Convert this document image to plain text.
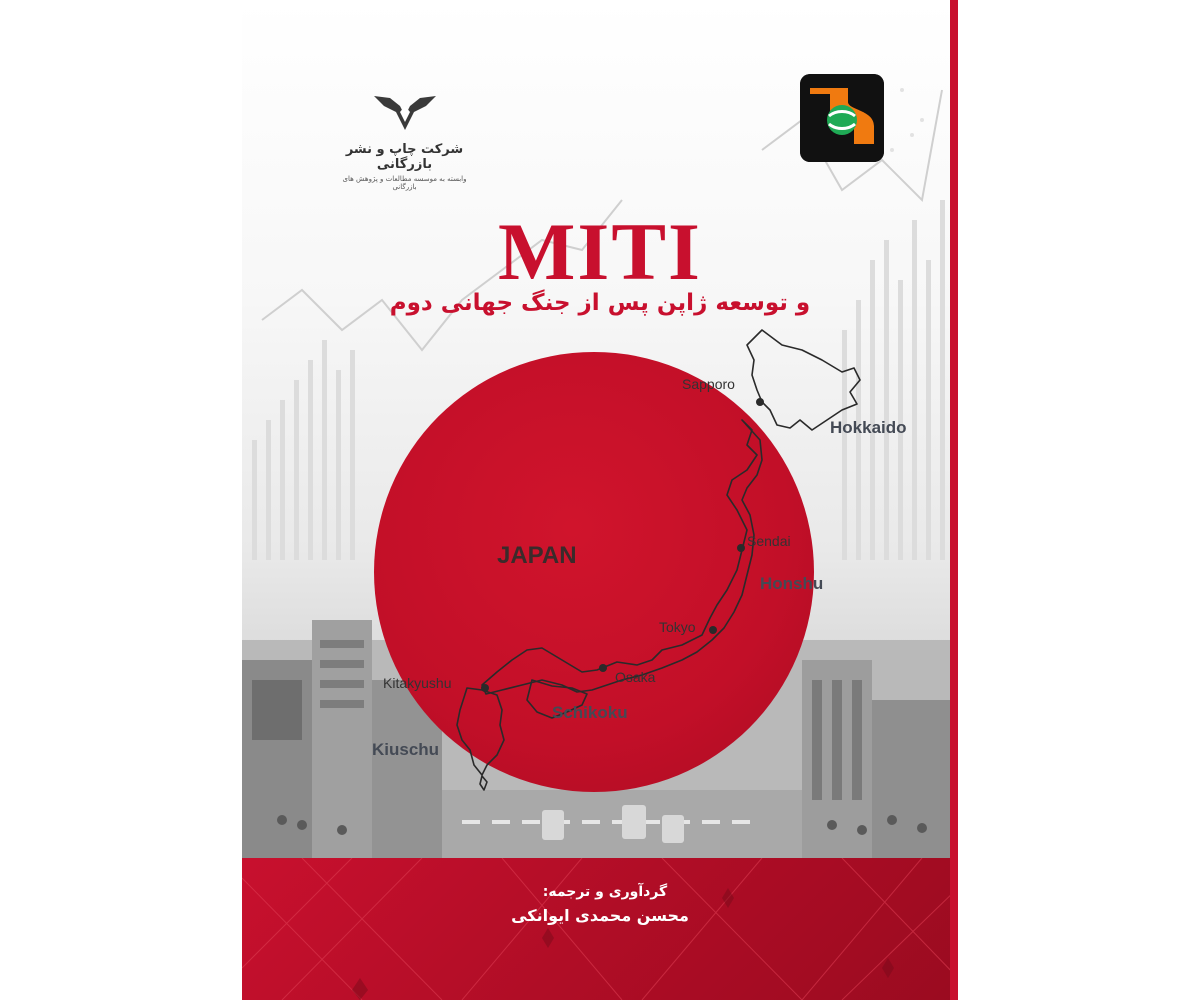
JAPAN
Hokkaido
Honshu
Schikoku
Kiuschu
Sapporo
Sendai
Tokyo
Osaka
Kitakyushu
شرکت چاپ و نشر بازرگانی
وابسته به موسسه مطالعات و پژوهش های بازرگانی
MITI
و توسعه ژاپن پس از جنگ جهانی دوم
گردآوری و ترجمه:
محسن محمدی ایوانکی
